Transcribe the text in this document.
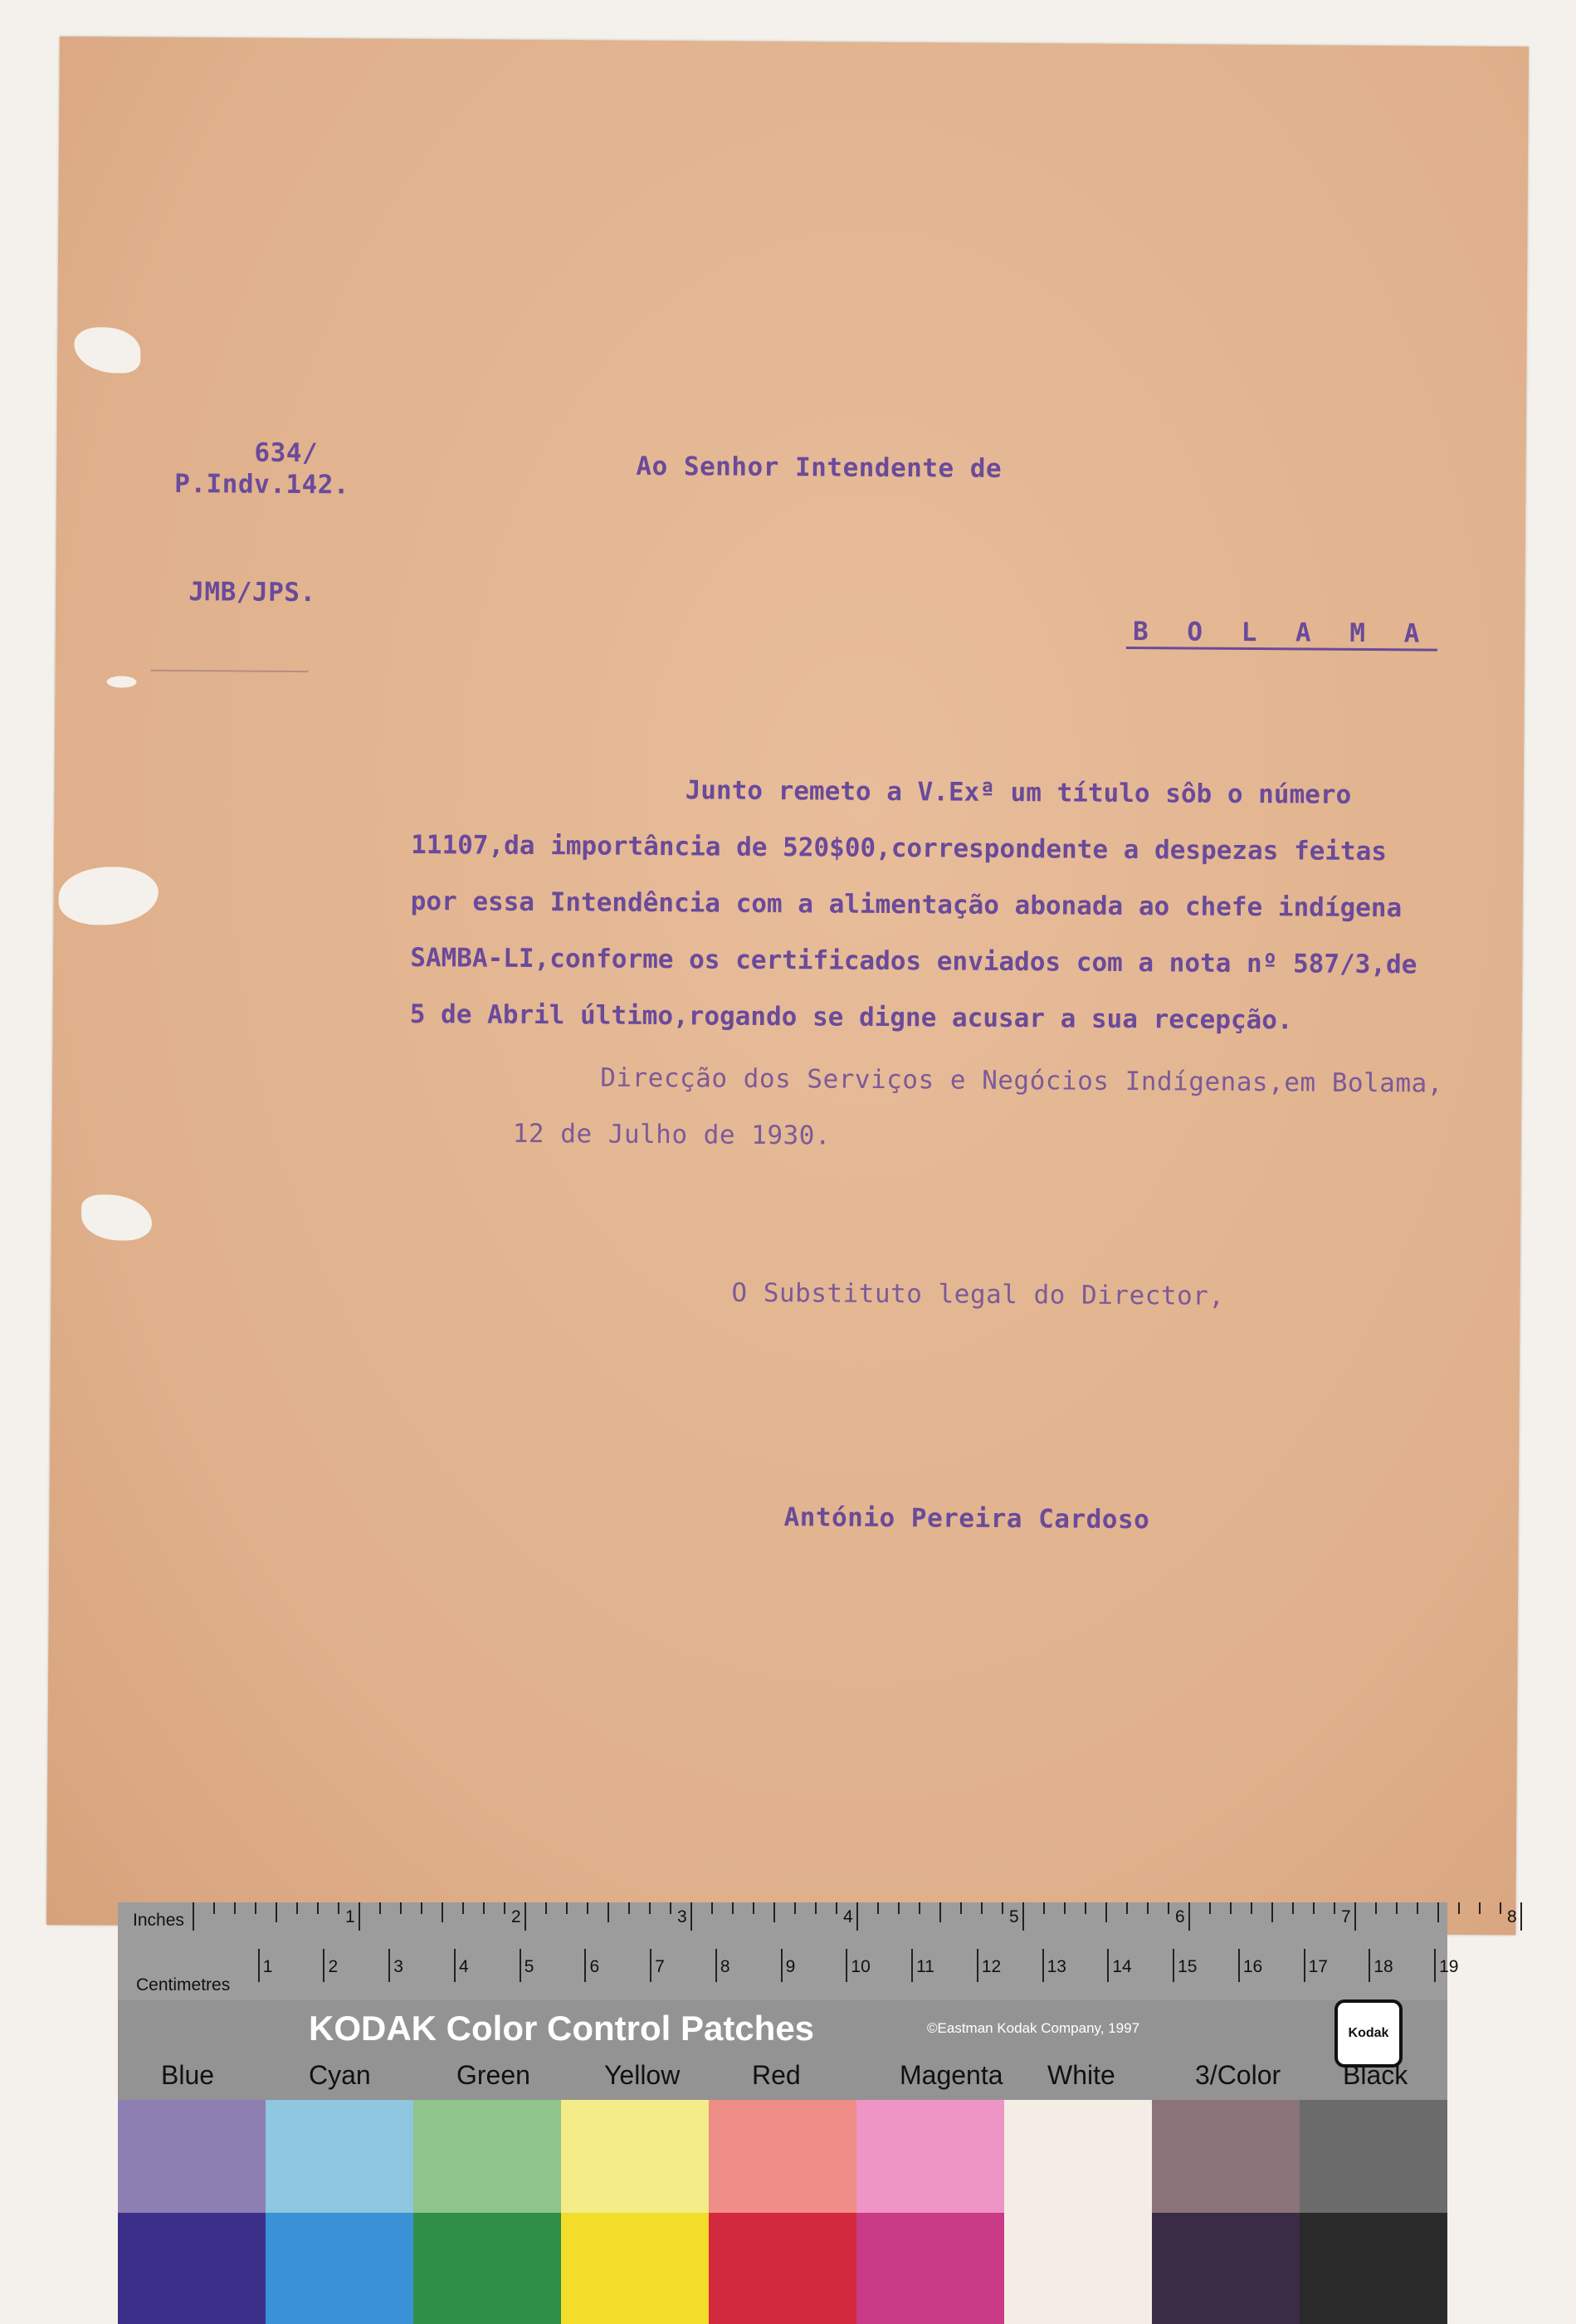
634/
P.Indv.142.
JMB/JPS.
Ao Senhor Intendente de
B O L A M A
Junto remeto a V.Exª um título sôb o número
11107,da importância de 520$00,correspondente a despezas feitas
por essa Intendência com a alimentação abonada ao chefe indígena
SAMBA-LI,conforme os certificados enviados com a nota nº 587/3,de
5 de Abril último,rogando se digne acusar a sua recepção.
Direcção dos Serviços e Negócios Indígenas,em Bolama,
12 de Julho de 1930.
O Substituto legal do Director,
António Pereira Cardoso
Inches
Centimetres
1	2	3	4	5	6	7	8
1	2	3	4	5	6	7	8	9	10	11	12	13	14	15	16	17	18	19
KODAK Color Control Patches	©Eastman Kodak Company, 1997	Kodak
Blue	Cyan	Green	Yellow	Red	Magenta White	3/Color Black
